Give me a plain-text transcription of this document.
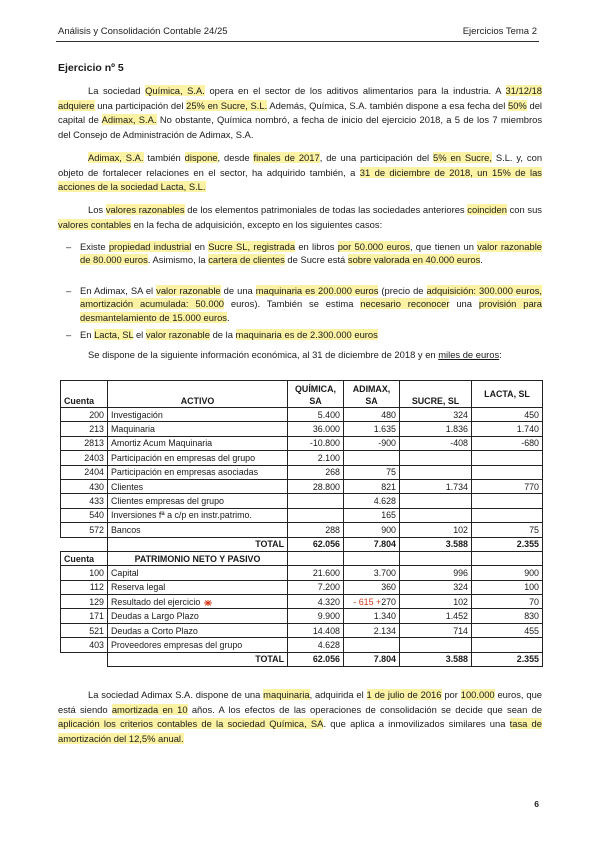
Análisis y Consolidación Contable 24/25	Ejercicios Tema 2
Ejercicio nº 5

La sociedad Química, S.A. opera en el sector de los aditivos alimentarios para la industria. A 31/12/18 adquiere una participación del 25% en Sucre, S.L. Además, Química, S.A. también dispone a esa fecha del 50% del capital de Adimax, S.A. No obstante, Química nombró, a fecha de inicio del ejercicio 2018, a 5 de los 7 miembros del Consejo de Administración de Adimax, S.A.

Adimax, S.A. también dispone, desde finales de 2017, de una participación del 5% en Sucre, S.L. y, con objeto de fortalecer relaciones en el sector, ha adquirido también, a 31 de diciembre de 2018, un 15% de las acciones de la sociedad Lacta, S.L.

Los valores razonables de los elementos patrimoniales de todas las sociedades anteriores coinciden con sus valores contables en la fecha de adquisición, excepto en los siguientes casos:

– Existe propiedad industrial en Sucre SL, registrada en libros por 50.000 euros, que tienen un valor razonable de 80.000 euros. Asimismo, la cartera de clientes de Sucre está sobre valorada en 40.000 euros.
– En Adimax, SA el valor razonable de una maquinaria es 200.000 euros (precio de adquisición: 300.000 euros, amortización acumulada: 50.000 euros). También se estima necesario reconocer una provisión para desmantelamiento de 15.000 euros.
– En Lacta, SL el valor razonable de la maquinaria es de 2.300.000 euros

Se dispone de la siguiente información económica, al 31 de diciembre de 2018 y en miles de euros:

Cuenta	ACTIVO	QUÍMICA, SA	ADIMAX, SA	SUCRE, SL	LACTA, SL
200	Investigación	5.400	480	324	450
213	Maquinaria	36.000	1.635	1.836	1.740
2813	Amortiz Acum Maquinaria	-10.800	-900	-408	-680
2403	Participación en empresas del grupo	2.100			
2404	Participación en empresas asociadas	268	75		
430	Clientes	28.800	821	1.734	770
433	Clientes empresas del grupo		4.628		
540	Inversiones fª a c/p en instr.patrimo.		165		
572	Bancos	288	900	102	75
	TOTAL	62.056	7.804	3.588	2.355
Cuenta	PATRIMONIO NETO Y PASIVO				
100	Capital	21.600	3.700	996	900
112	Reserva legal	7.200	360	324	100
129	Resultado del ejercicio	4.320	- 615 +270	102	70
171	Deudas a Largo Plazo	9.900	1.340	1.452	830
521	Deudas a Corto Plazo	14.408	2.134	714	455
403	Proveedores empresas del grupo	4.628			
	TOTAL	62.056	7.804	3.588	2.355

La sociedad Adimax S.A. dispone de una maquinaria, adquirida el 1 de julio de 2016 por 100.000 euros, que está siendo amortizada en 10 años. A los efectos de las operaciones de consolidación se decide que sean de aplicación los criterios contables de la sociedad Química, SA. que aplica a inmovilizados similares una tasa de amortización del 12,5% anual.

6
